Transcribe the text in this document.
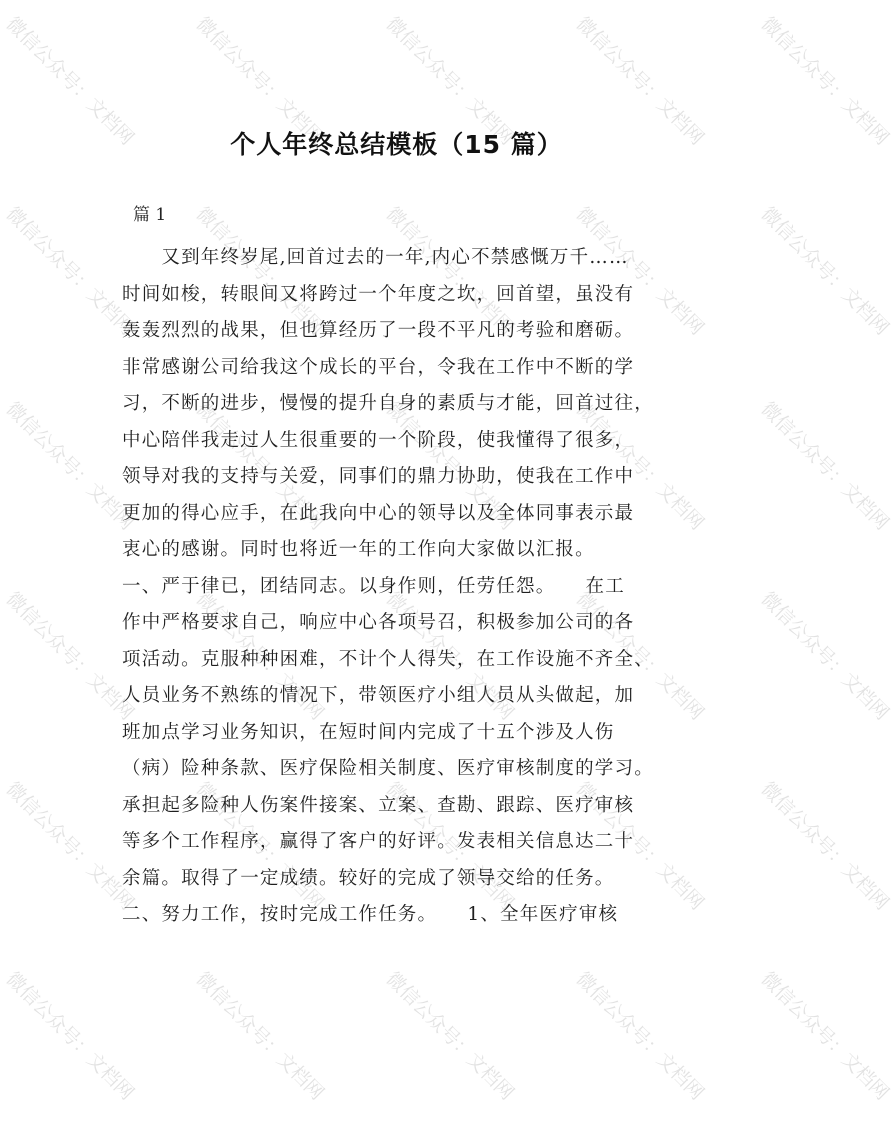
微信公众号：文档网	微信公众号：文档网	微信公众号：文档网	微信公众号：文档网	微信公众号：文档网
微信公众号：文档网	微信公众号：文档网	微信公众号：文档网	微信公众号：文档网	微信公众号：文档网
微信公众号：文档网	微信公众号：文档网	微信公众号：文档网	微信公众号：文档网	微信公众号：文档网
微信公众号：文档网	微信公众号：文档网	微信公众号：文档网	微信公众号：文档网	微信公众号：文档网
微信公众号：文档网	微信公众号：文档网	微信公众号：文档网	微信公众号：文档网	微信公众号：文档网
微信公众号：文档网	微信公众号：文档网	微信公众号：文档网	微信公众号：文档网	微信公众号：文档网
个人年终总结模板（15 篇）
篇 1
　　又到年终岁尾,回首过去的一年,内心不禁感慨万千……
时间如梭，转眼间又将跨过一个年度之坎，回首望，虽没有
轰轰烈烈的战果，但也算经历了一段不平凡的考验和磨砺。
非常感谢公司给我这个成长的平台，令我在工作中不断的学
习，不断的进步，慢慢的提升自身的素质与才能，回首过往，
中心陪伴我走过人生很重要的一个阶段，使我懂得了很多，
领导对我的支持与关爱，同事们的鼎力协助，使我在工作中
更加的得心应手，在此我向中心的领导以及全体同事表示最
衷心的感谢。同时也将近一年的工作向大家做以汇报。
一、严于律已，团结同志。以身作则，任劳任怨。　　在工
作中严格要求自己，响应中心各项号召，积极参加公司的各
项活动。克服种种困难，不计个人得失，在工作设施不齐全、
人员业务不熟练的情况下，带领医疗小组人员从头做起，加
班加点学习业务知识，在短时间内完成了十五个涉及人伤
（病）险种条款、医疗保险相关制度、医疗审核制度的学习。
承担起多险种人伤案件接案、立案、查勘、跟踪、医疗审核
等多个工作程序，赢得了客户的好评。发表相关信息达二十
余篇。取得了一定成绩。较好的完成了领导交给的任务。
二、努力工作，按时完成工作任务。　　1、全年医疗审核
